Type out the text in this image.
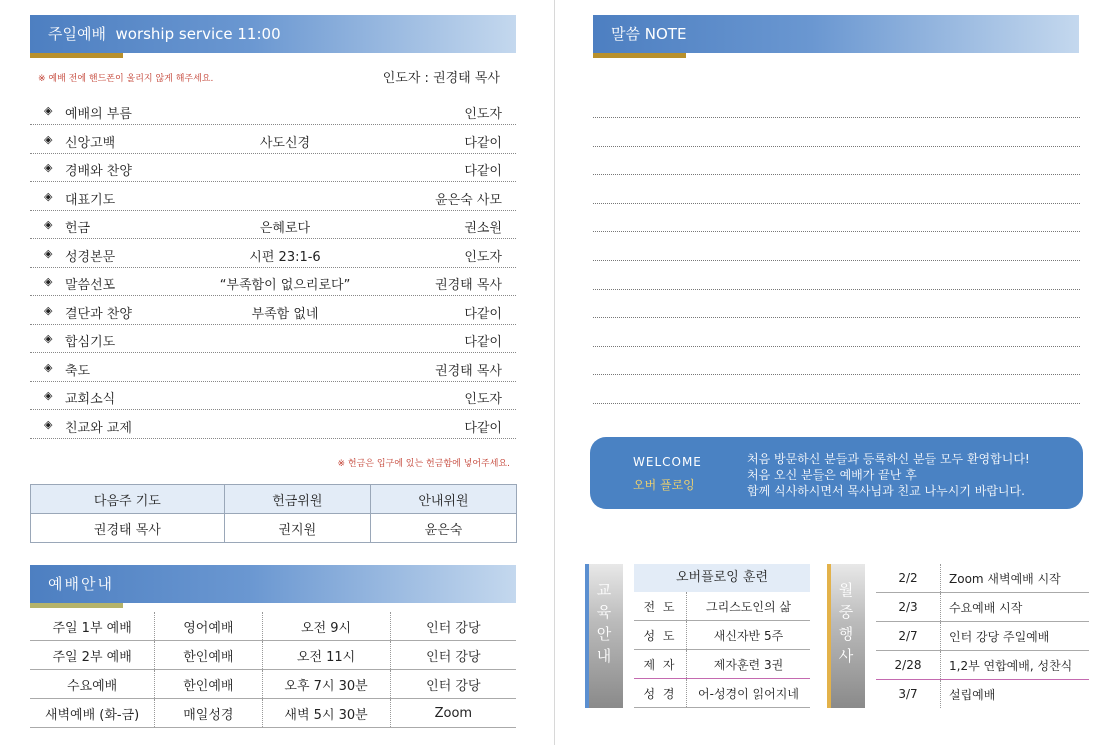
주일예배  worship service 11:00
※ 예배 전에 핸드폰이 울리지 않게 해주세요.	인도자 : 권경태 목사
◈ 예배의 부름	인도자
◈ 신앙고백	사도신경	다같이
◈ 경배와 찬양	다같이
◈ 대표기도	윤은숙 사모
◈ 헌금	은혜로다	권소원
◈ 성경본문	시편 23:1-6	인도자
◈ 말씀선포	“부족함이 없으리로다”	권경태 목사
◈ 결단과 찬양	부족함 없네	다같이
◈ 합심기도	다같이
◈ 축도	권경태 목사
◈ 교회소식	인도자
◈ 친교와 교제	다같이
※ 헌금은 입구에 있는 헌금함에 넣어주세요.
다음주 기도	헌금위원	안내위원
권경태 목사	권지원	윤은숙
예배안내
주일 1부 예배	영어예배	오전 9시	인터 강당
주일 2부 예배	한인예배	오전 11시	인터 강당
수요예배	한인예배	오후 7시 30분	인터 강당
새벽예배 (화-금)	매일성경	새벽 5시 30분	Zoom
말씀 NOTE
WELCOME
오버 플로잉
처음 방문하신 분들과 등록하신 분들 모두 환영합니다!
처음 오신 분들은 예배가 끝난 후
함께 식사하시면서 목사님과 친교 나누시기 바랍니다.
교
육
안
내
오버플로잉 훈련
전 도	그리스도인의 삶
성 도	새신자반 5주
제 자	제자훈련 3권
성 경	어-성경이 읽어지네
월
중
행
사
2/2	Zoom 새벽예배 시작
2/3	수요예배 시작
2/7	인터 강당 주일예배
2/28	1,2부 연합예배, 성찬식
3/7	설립예배
